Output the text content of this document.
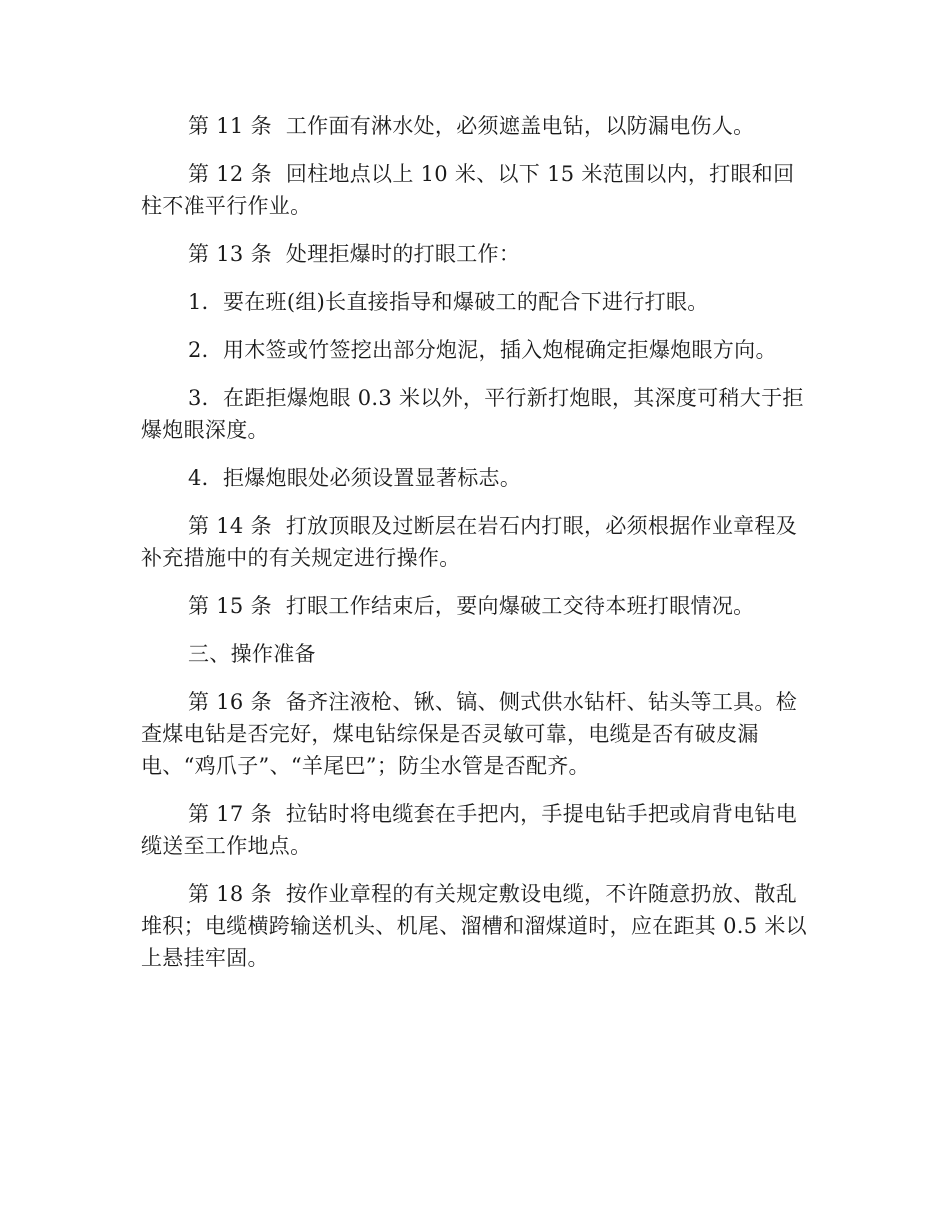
第 11 条  工作面有淋水处，必须遮盖电钻，以防漏电伤人。

第 12 条  回柱地点以上 10 米、以下 15 米范围以内，打眼和回柱不准平行作业。

第 13 条  处理拒爆时的打眼工作：

1．要在班(组)长直接指导和爆破工的配合下进行打眼。

2．用木签或竹签挖出部分炮泥，插入炮棍确定拒爆炮眼方向。

3．在距拒爆炮眼 0.3 米以外，平行新打炮眼，其深度可稍大于拒爆炮眼深度。

4．拒爆炮眼处必须设置显著标志。

第 14 条  打放顶眼及过断层在岩石内打眼，必须根据作业章程及补充措施中的有关规定进行操作。

第 15 条  打眼工作结束后，要向爆破工交待本班打眼情况。

三、操作准备

第 16 条  备齐注液枪、锹、镐、侧式供水钻杆、钻头等工具。检查煤电钻是否完好，煤电钻综保是否灵敏可靠，电缆是否有破皮漏电、“鸡爪子”、“羊尾巴”；防尘水管是否配齐。

第 17 条  拉钻时将电缆套在手把内，手提电钻手把或肩背电钻电缆送至工作地点。

第 18 条  按作业章程的有关规定敷设电缆，不许随意扔放、散乱堆积；电缆横跨输送机头、机尾、溜槽和溜煤道时，应在距其 0.5 米以上悬挂牢固。
